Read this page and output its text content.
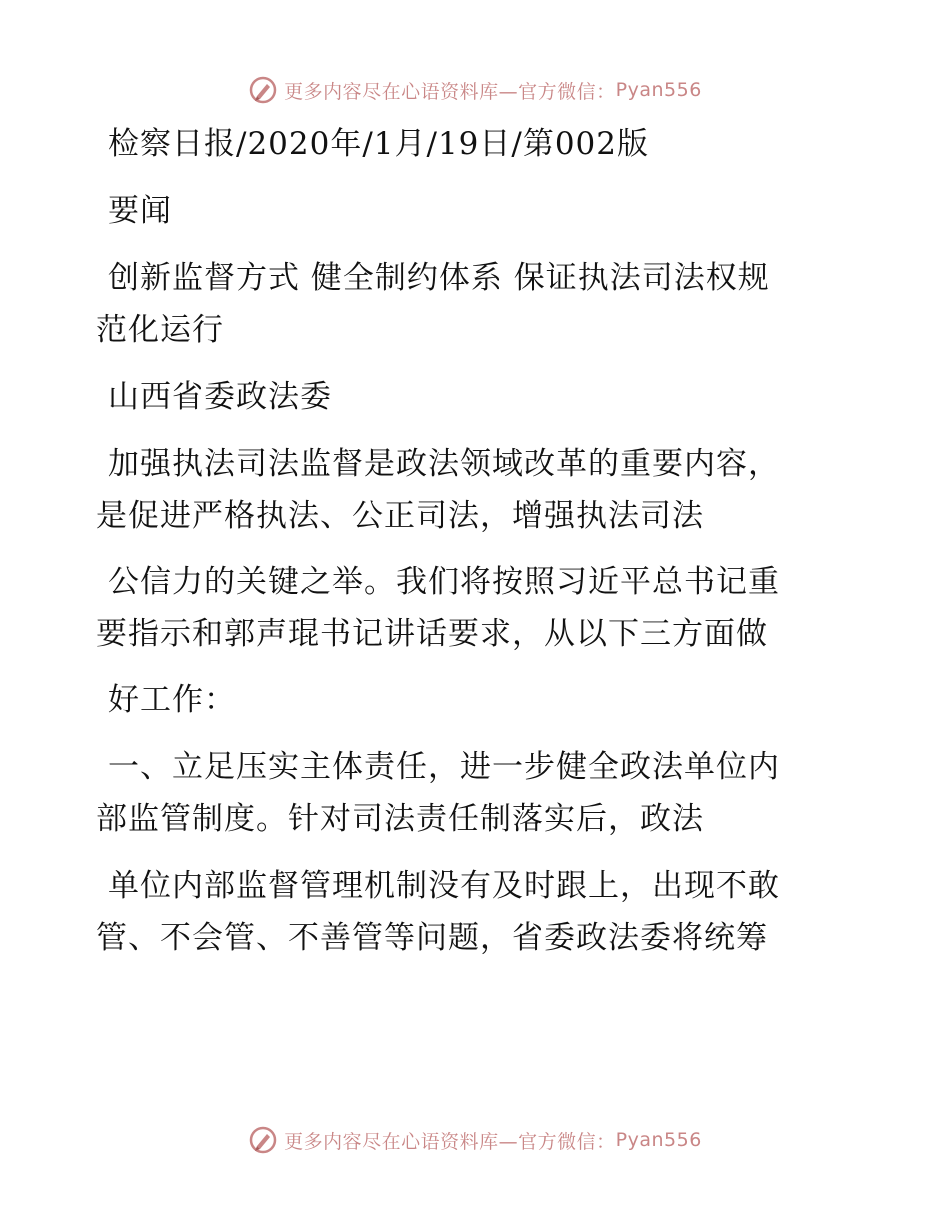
更多内容尽在心语资料库—官方微信： Pyan556
检察日报/2020年/1月/19日/第002版
要闻
创新监督方式 健全制约体系 保证执法司法权规
范化运行
山西省委政法委
加强执法司法监督是政法领域改革的重要内容，
是促进严格执法、公正司法，增强执法司法
公信力的关键之举。我们将按照习近平总书记重
要指示和郭声琨书记讲话要求，从以下三方面做
好工作：
一、立足压实主体责任，进一步健全政法单位内
部监管制度。针对司法责任制落实后，政法
单位内部监督管理机制没有及时跟上，出现不敢
管、不会管、不善管等问题，省委政法委将统筹
更多内容尽在心语资料库—官方微信： Pyan556
